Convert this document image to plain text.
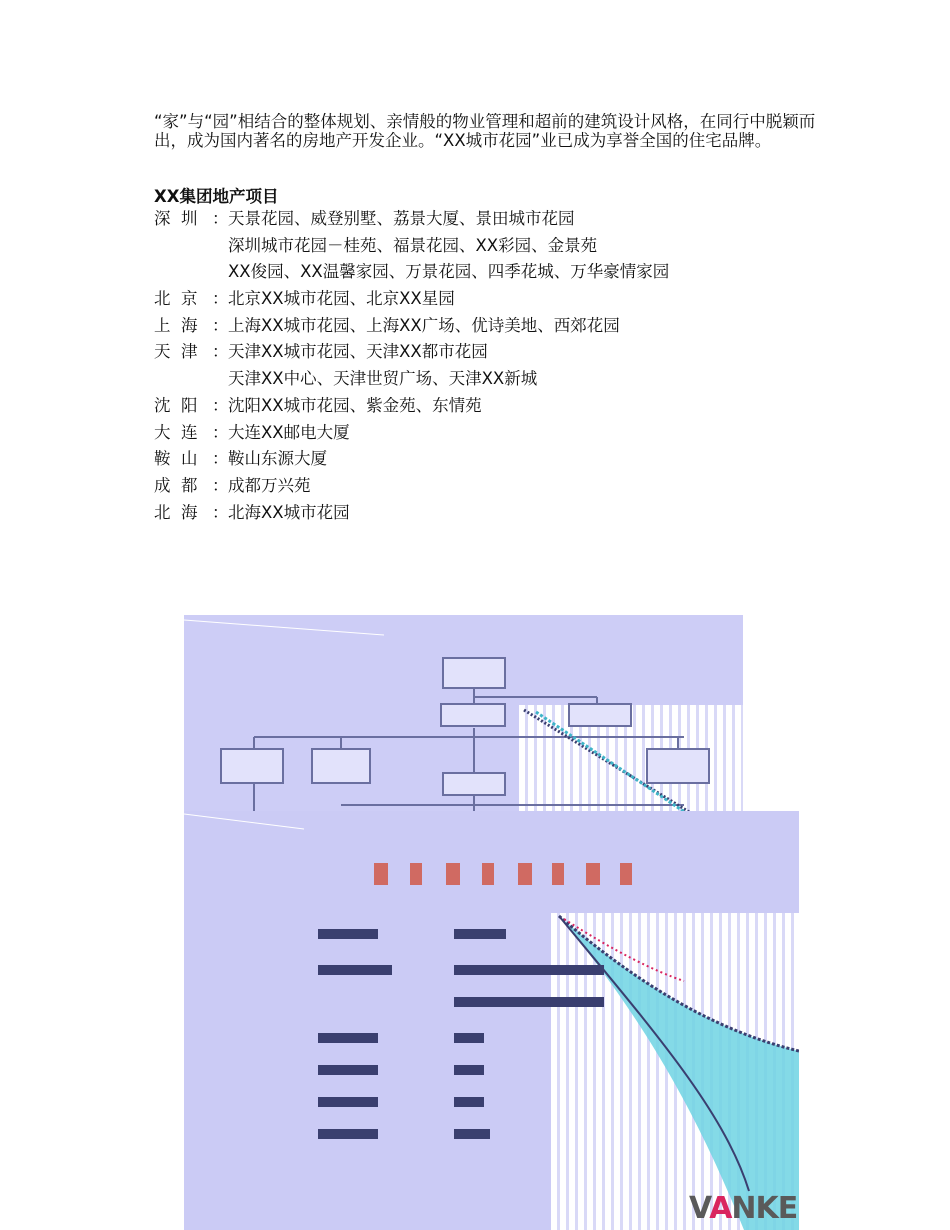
“家”与“园”相结合的整体规划、亲情般的物业管理和超前的建筑设计风格，在同行中脱颖而出，成为国内著名的房地产开发企业。“XX城市花园”业已成为享誉全国的住宅品牌。

XX集团地产项目

深  圳 ： 天景花园、威登别墅、荔景大厦、景田城市花园
深圳城市花园－桂苑、福景花园、XX彩园、金景苑
XX俊园、XX温馨家园、万景花园、四季花城、万华豪情家园
北  京 ： 北京XX城市花园、北京XX星园
上  海 ： 上海XX城市花园、上海XX广场、优诗美地、西郊花园
天  津 ： 天津XX城市花园、天津XX都市花园
天津XX中心、天津世贸广场、天津XX新城
沈  阳 ： 沈阳XX城市花园、紫金苑、东情苑
大  连 ： 大连XX邮电大厦
鞍  山 ： 鞍山东源大厦
成  都 ： 成都万兴苑
北  海 ： 北海XX城市花园
VANKE
